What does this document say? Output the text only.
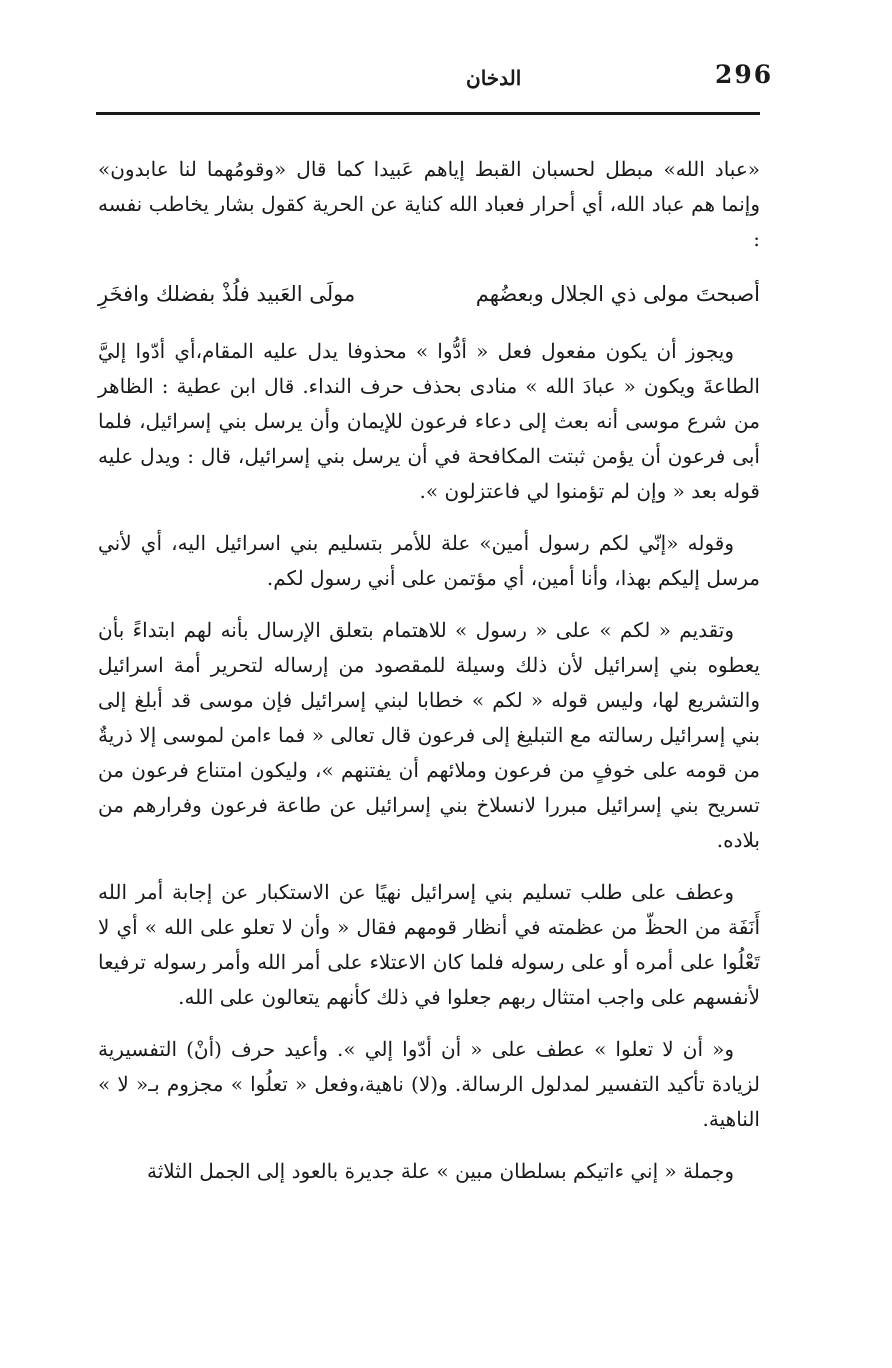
296
الدخان

«عباد الله» مبطل لحسبان القبط إياهم عَبيدا كما قال «وقومُهما لنا عابدون» وإنما هم عباد الله، أي أحرار فعباد الله كناية عن الحرية كقول بشار يخاطب نفسه :

أصبحتَ مولى ذي الجلال وبعضُهم
مولَى العَبيد فلُذْ بفضلك وافخَرِ

ويجوز أن يكون مفعول فعل « أدُّوا » محذوفا يدل عليه المقام،أي أدّوا إليَّ الطاعةَ ويكون « عبادَ الله » منادى بحذف حرف النداء. قال ابن عطية : الظاهر من شرع موسى أنه بعث إلى دعاء فرعون للإيمان وأن يرسل بني إسرائيل، فلما أبى فرعون أن يؤمن ثبتت المكافحة في أن يرسل بني إسرائيل، قال : ويدل عليه قوله بعد « وإن لم تؤمنوا لي فاعتزلون ».

وقوله «إنّي لكم رسول أمين» علة للأمر بتسليم بني اسرائيل اليه، أي لأني مرسل إليكم بهذا، وأنا أمين، أي مؤتمن على أني رسول لكم.

وتقديم « لكم » على « رسول » للاهتمام بتعلق الإرسال بأنه لهم ابتداءً بأن يعطوه بني إسرائيل لأن ذلك وسيلة للمقصود من إرساله لتحرير أمة اسرائيل والتشريع لها، وليس قوله « لكم » خطابا لبني إسرائيل فإن موسى قد أبلغ إلى بني إسرائيل رسالته مع التبليغ إلى فرعون قال تعالى « فما ءامن لموسى إلا ذريةٌ من قومه على خوفٍ من فرعون وملائهم أن يفتنهم »، وليكون امتناع فرعون من تسريح بني إسرائيل مبررا لانسلاخ بني إسرائيل عن طاعة فرعون وفرارهم من بلاده.

وعطف على طلب تسليم بني إسرائيل نهيًا عن الاستكبار عن إجابة أمر الله أَنَفَة من الحظّ من عظمته في أنظار قومهم فقال « وأن لا تعلو على الله » أي لا تَعْلُوا على أمره أو على رسوله فلما كان الاعتلاء على أمر الله وأمر رسوله ترفيعا لأنفسهم على واجب امتثال ربهم جعلوا في ذلك كأنهم يتعالون على الله.

و« أن لا تعلوا » عطف على « أن أدّوا إلي ». وأعيد حرف (أنْ) التفسيرية لزيادة تأكيد التفسير لمدلول الرسالة. و(لا) ناهية،وفعل « تعلُوا » مجزوم بـ« لا » الناهية.

وجملة « إني ءاتيكم بسلطان مبين » علة جديرة بالعود إلى الجمل الثلاثة
